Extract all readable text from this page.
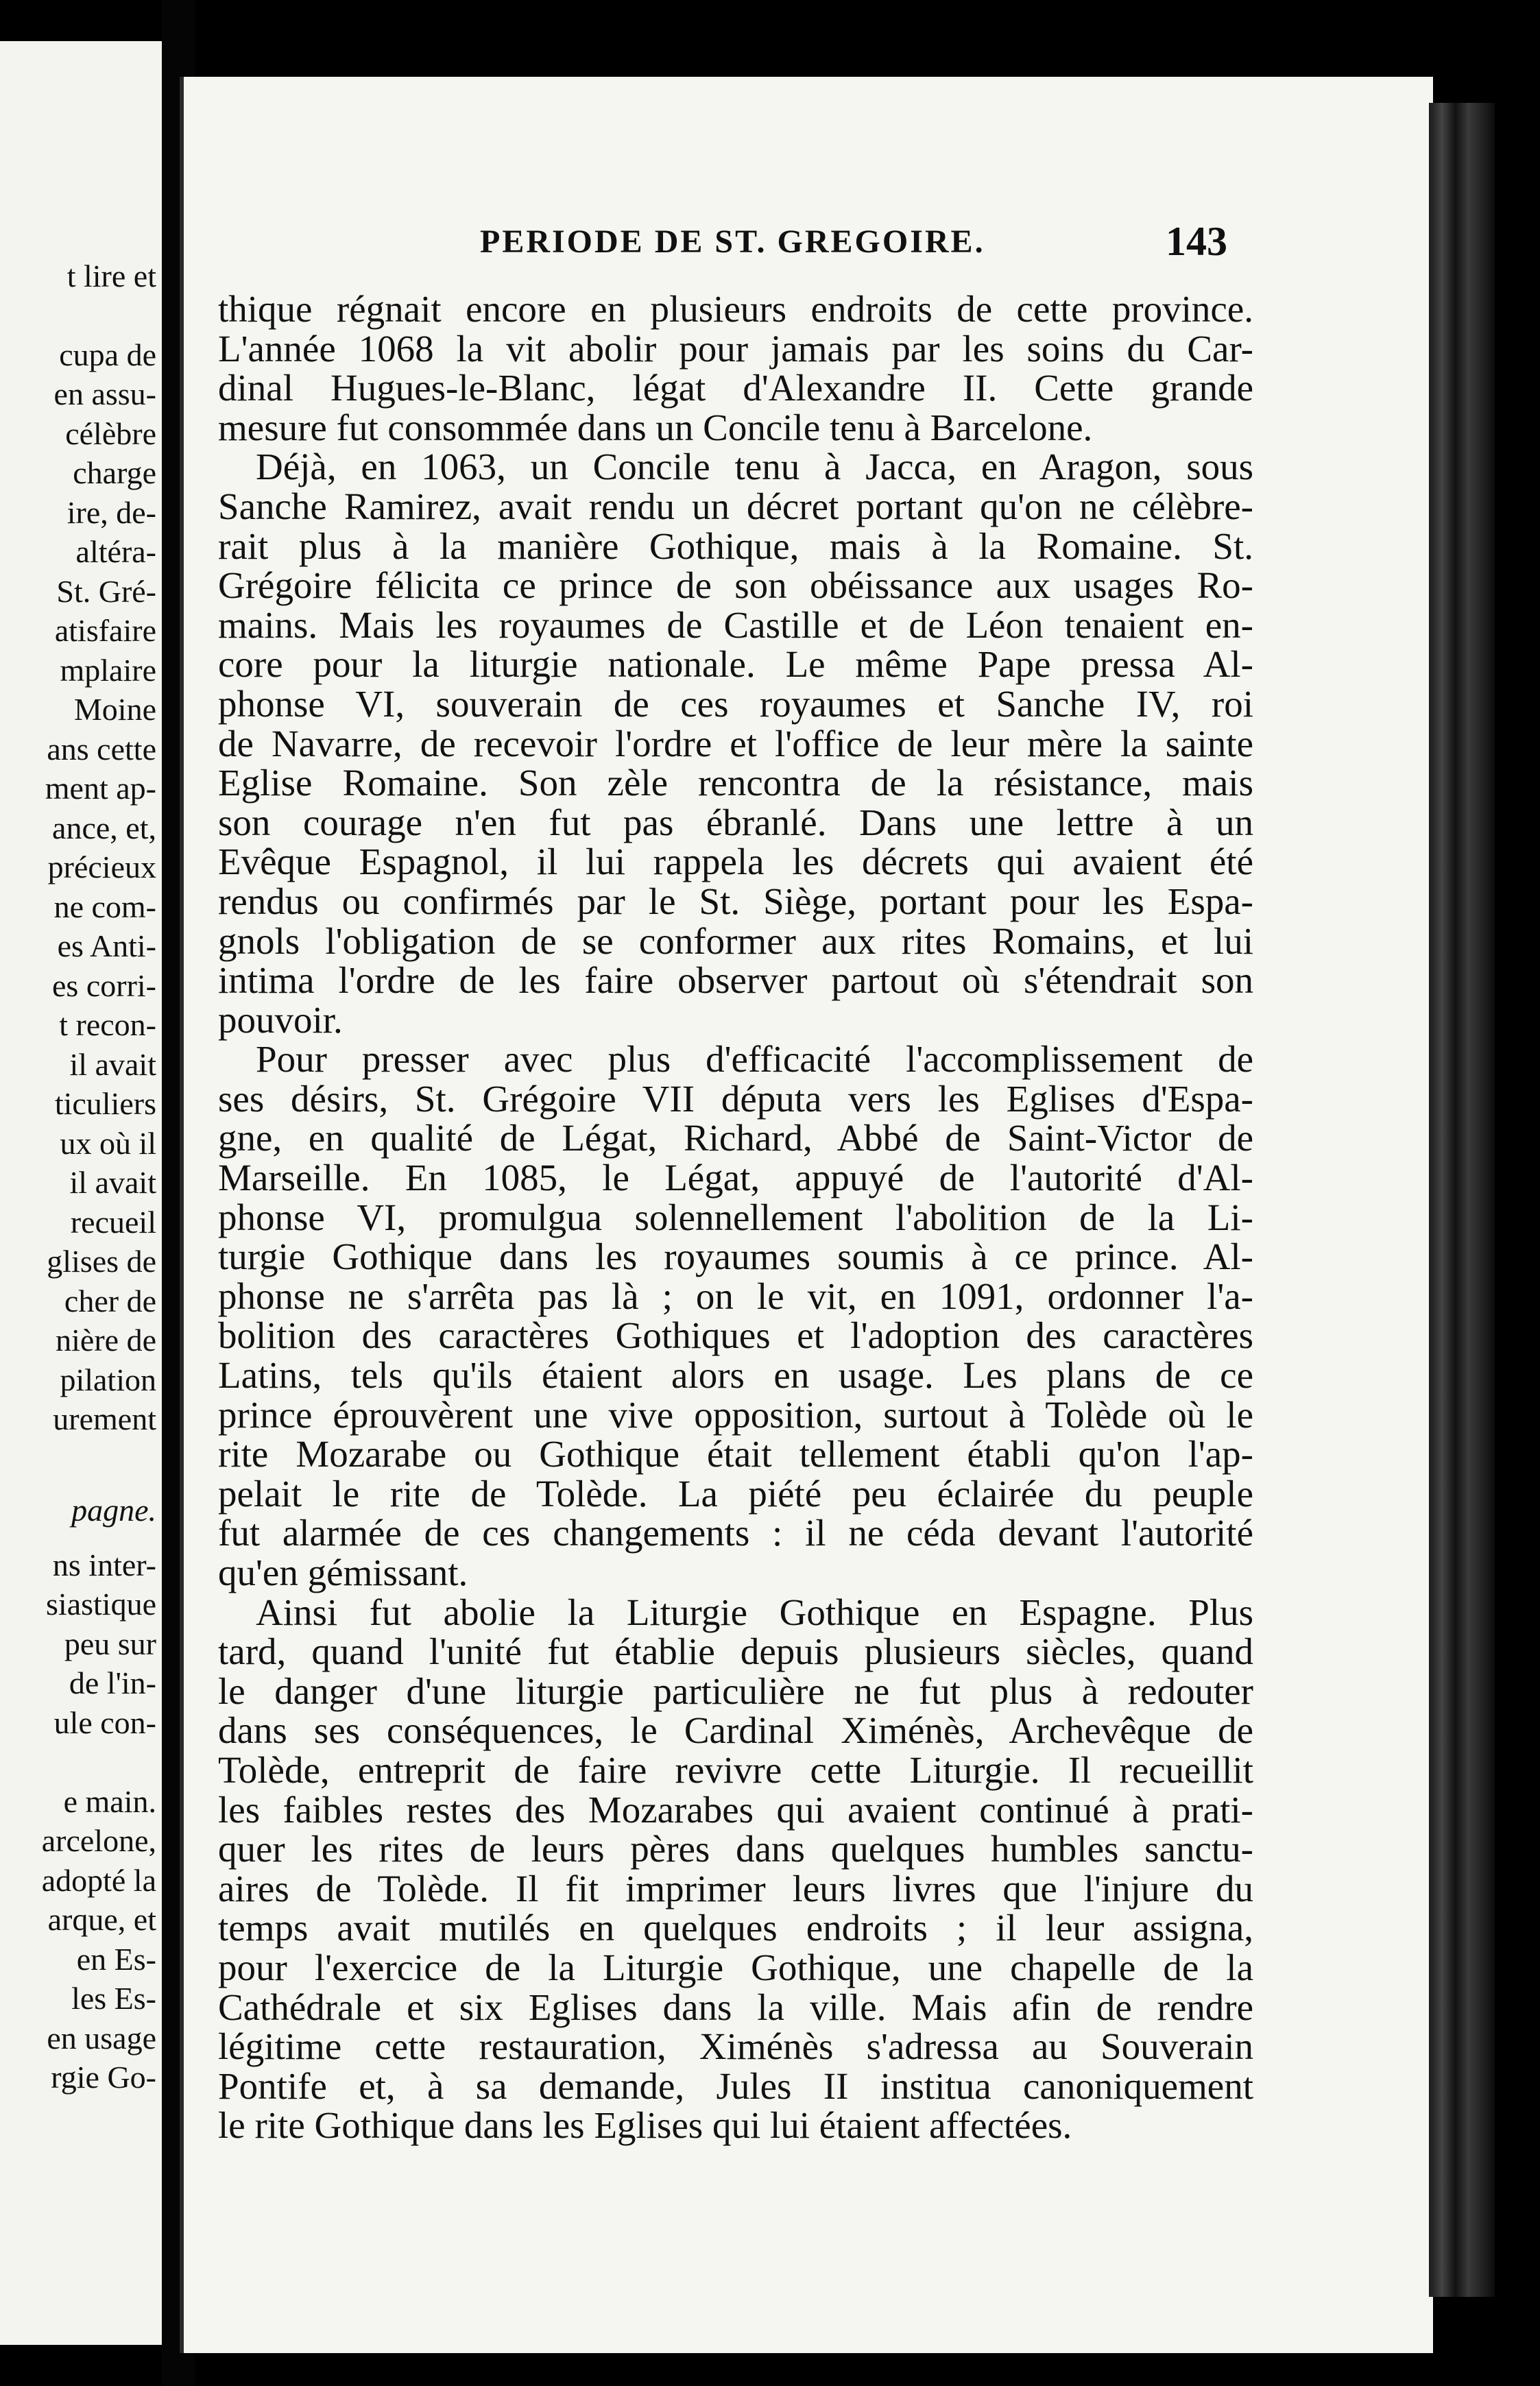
t lire et
cupa de
en assu-
célèbre
charge
ire, de-
altéra-
St. Gré-
atisfaire
mplaire
Moine
ans cette
ment ap-
ance, et,
précieux
ne com-
es Anti-
es corri-
t recon-
il avait
ticuliers
ux où il
il avait
recueil
glises de
cher de
nière de
pilation
urement
pagne.
ns inter-
siastique
peu sur
de l'in-
ule con-
e main.
arcelone,
adopté la
arque, et
en Es-
les Es-
en usage
rgie Go-
PERIODE DE ST. GREGOIRE.	143
thique régnait encore en plusieurs endroits de cette province.
L'année 1068 la vit abolir pour jamais par les soins du Car-
dinal Hugues-le-Blanc, légat d'Alexandre II. Cette grande
mesure fut consommée dans un Concile tenu à Barcelone.
Déjà, en 1063, un Concile tenu à Jacca, en Aragon, sous
Sanche Ramirez, avait rendu un décret portant qu'on ne célèbre-
rait plus à la manière Gothique, mais à la Romaine. St.
Grégoire félicita ce prince de son obéissance aux usages Ro-
mains. Mais les royaumes de Castille et de Léon tenaient en-
core pour la liturgie nationale. Le même Pape pressa Al-
phonse VI, souverain de ces royaumes et Sanche IV, roi
de Navarre, de recevoir l'ordre et l'office de leur mère la sainte
Eglise Romaine. Son zèle rencontra de la résistance, mais
son courage n'en fut pas ébranlé. Dans une lettre à un
Evêque Espagnol, il lui rappela les décrets qui avaient été
rendus ou confirmés par le St. Siège, portant pour les Espa-
gnols l'obligation de se conformer aux rites Romains, et lui
intima l'ordre de les faire observer partout où s'étendrait son
pouvoir.
Pour presser avec plus d'efficacité l'accomplissement de
ses désirs, St. Grégoire VII députa vers les Eglises d'Espa-
gne, en qualité de Légat, Richard, Abbé de Saint-Victor de
Marseille. En 1085, le Légat, appuyé de l'autorité d'Al-
phonse VI, promulgua solennellement l'abolition de la Li-
turgie Gothique dans les royaumes soumis à ce prince. Al-
phonse ne s'arrêta pas là ; on le vit, en 1091, ordonner l'a-
bolition des caractères Gothiques et l'adoption des caractères
Latins, tels qu'ils étaient alors en usage. Les plans de ce
prince éprouvèrent une vive opposition, surtout à Tolède où le
rite Mozarabe ou Gothique était tellement établi qu'on l'ap-
pelait le rite de Tolède. La piété peu éclairée du peuple
fut alarmée de ces changements : il ne céda devant l'autorité
qu'en gémissant.
Ainsi fut abolie la Liturgie Gothique en Espagne. Plus
tard, quand l'unité fut établie depuis plusieurs siècles, quand
le danger d'une liturgie particulière ne fut plus à redouter
dans ses conséquences, le Cardinal Ximénès, Archevêque de
Tolède, entreprit de faire revivre cette Liturgie. Il recueillit
les faibles restes des Mozarabes qui avaient continué à prati-
quer les rites de leurs pères dans quelques humbles sanctu-
aires de Tolède. Il fit imprimer leurs livres que l'injure du
temps avait mutilés en quelques endroits ; il leur assigna,
pour l'exercice de la Liturgie Gothique, une chapelle de la
Cathédrale et six Eglises dans la ville. Mais afin de rendre
légitime cette restauration, Ximénès s'adressa au Souverain
Pontife et, à sa demande, Jules II institua canoniquement
le rite Gothique dans les Eglises qui lui étaient affectées.
